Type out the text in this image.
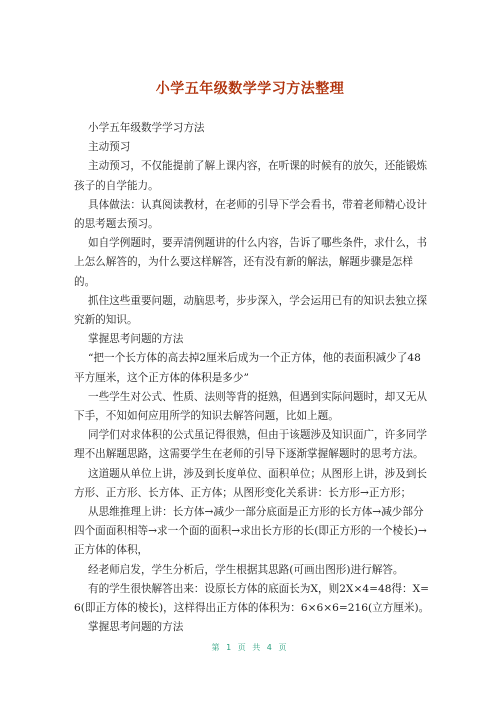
小学五年级数学学习方法整理

小学五年级数学学习方法

主动预习

主动预习，不仅能提前了解上课内容，在听课的时候有的放矢，还能锻炼孩子的自学能力。

具体做法：认真阅读教材，在老师的引导下学会看书，带着老师精心设计的思考题去预习。

如自学例题时，要弄清例题讲的什么内容，告诉了哪些条件，求什么，书上怎么解答的，为什么要这样解答，还有没有新的解法，解题步骤是怎样的。

抓住这些重要问题，动脑思考，步步深入，学会运用已有的知识去独立探究新的知识。

掌握思考问题的方法

“把一个长方体的高去掉2厘米后成为一个正方体，他的表面积减少了48平方厘米，这个正方体的体积是多少”

一些学生对公式、性质、法则等背的挺熟，但遇到实际问题时，却又无从下手，不知如何应用所学的知识去解答问题，比如上题。

同学们对求体积的公式虽记得很熟，但由于该题涉及知识面广，许多同学理不出解题思路，这需要学生在老师的引导下逐渐掌握解题时的思考方法。

这道题从单位上讲，涉及到长度单位、面积单位；从图形上讲，涉及到长方形、正方形、长方体、正方体；从图形变化关系讲：长方形→正方形；

从思维推理上讲：长方体→减少一部分底面是正方形的长方体→减少部分四个面面积相等→求一个面的面积→求出长方形的长(即正方形的一个棱长)→正方体的体积，

经老师启发，学生分析后，学生根据其思路(可画出图形)进行解答。

有的学生很快解答出来：设原长方体的底面长为X，则2X×4=48得：X=6(即正方体的棱长)，这样得出正方体的体积为：6×6×6=216(立方厘米)。

掌握思考问题的方法

第 1 页 共 4 页
